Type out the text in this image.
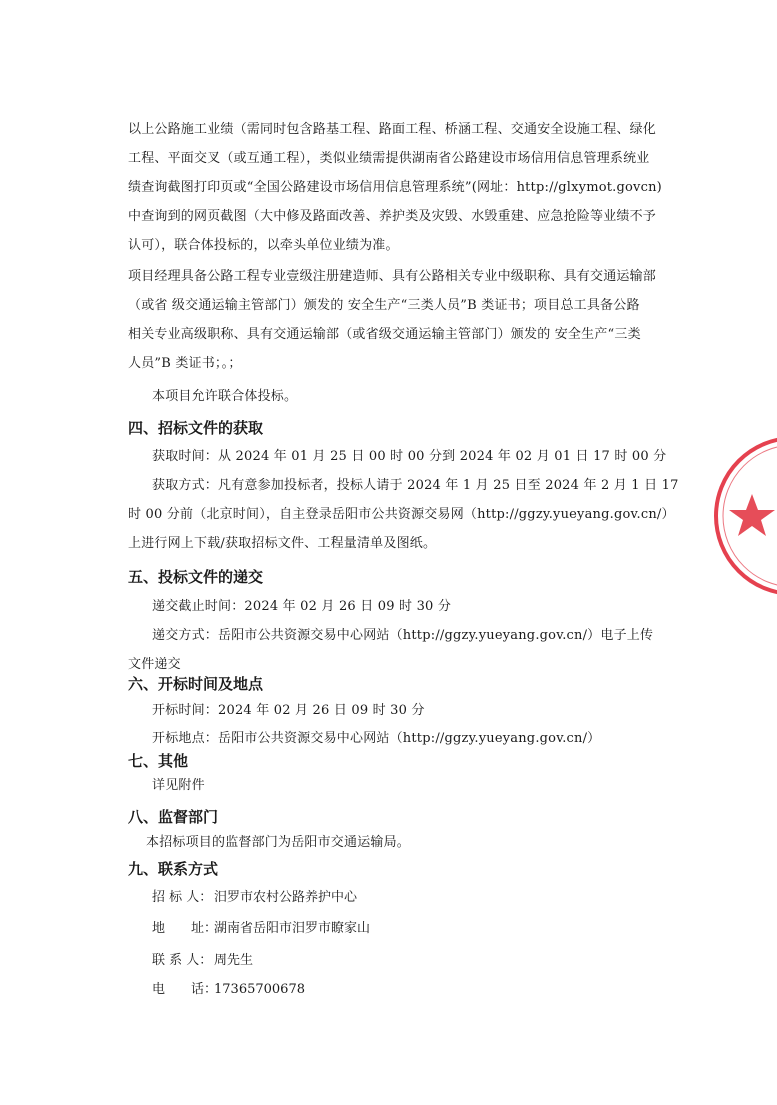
以上公路施工业绩（需同时包含路基工程、路面工程、桥涵工程、交通安全设施工程、绿化
工程、平面交叉（或互通工程），类似业绩需提供湖南省公路建设市场信用信息管理系统业
绩查询截图打印页或“全国公路建设市场信用信息管理系统”(网址：http://glxymot.govcn)
中查询到的网页截图（大中修及路面改善、养护类及灾毁、水毁重建、应急抢险等业绩不予
认可），联合体投标的，以牵头单位业绩为准。
项目经理具备公路工程专业壹级注册建造师、具有公路相关专业中级职称、具有交通运输部
（或省 级交通运输主管部门）颁发的 安全生产“三类人员”B 类证书；项目总工具备公路
相关专业高级职称、具有交通运输部（或省级交通运输主管部门）颁发的 安全生产“三类
人员”B 类证书；。；
本项目允许联合体投标。
四、招标文件的获取
获取时间：从 2024 年 01 月 25 日 00 时 00 分到 2024 年 02 月 01 日 17 时 00 分
获取方式：凡有意参加投标者，投标人请于 2024 年 1 月 25 日至 2024 年 2 月 1 日 17
时 00 分前（北京时间），自主登录岳阳市公共资源交易网（http://ggzy.yueyang.gov.cn/）
上进行网上下载/获取招标文件、工程量清单及图纸。
五、投标文件的递交
递交截止时间：2024 年 02 月 26 日 09 时 30 分
递交方式：岳阳市公共资源交易中心网站（http://ggzy.yueyang.gov.cn/）电子上传
文件递交
六、开标时间及地点
开标时间：2024 年 02 月 26 日 09 时 30 分
开标地点：岳阳市公共资源交易中心网站（http://ggzy.yueyang.gov.cn/）
七、其他
详见附件
八、监督部门
本招标项目的监督部门为岳阳市交通运输局。
九、联系方式
招 标 人： 汨罗市农村公路养护中心
地　　址：湖南省岳阳市汨罗市瞭家山
联 系 人： 周先生
电　　话：17365700678
